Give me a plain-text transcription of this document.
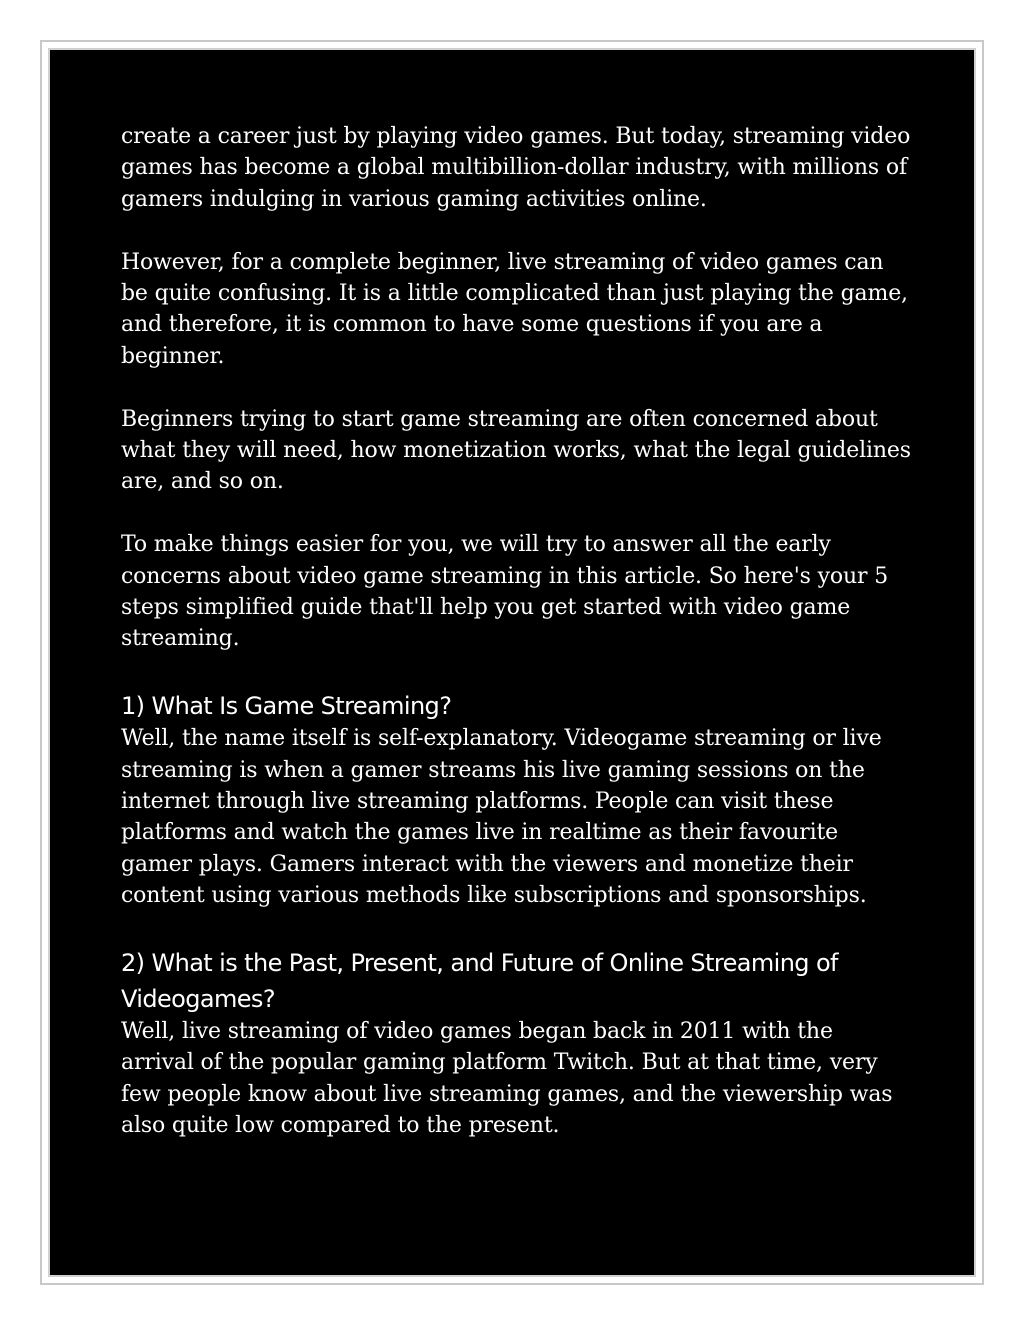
create a career just by playing video games. But today, streaming video games has become a global multibillion-dollar industry, with millions of gamers indulging in various gaming activities online.

However, for a complete beginner, live streaming of video games can be quite confusing. It is a little complicated than just playing the game, and therefore, it is common to have some questions if you are a beginner.

Beginners trying to start game streaming are often concerned about what they will need, how monetization works, what the legal guidelines are, and so on.

To make things easier for you, we will try to answer all the early concerns about video game streaming in this article. So here's your 5 steps simplified guide that'll help you get started with video game streaming.

1) What Is Game Streaming?

Well, the name itself is self-explanatory. Videogame streaming or live streaming is when a gamer streams his live gaming sessions on the internet through live streaming platforms. People can visit these platforms and watch the games live in realtime as their favourite gamer plays. Gamers interact with the viewers and monetize their content using various methods like subscriptions and sponsorships.

2) What is the Past, Present, and Future of Online Streaming of Videogames?

Well, live streaming of video games began back in 2011 with the arrival of the popular gaming platform Twitch. But at that time, very few people know about live streaming games, and the viewership was also quite low compared to the present.
